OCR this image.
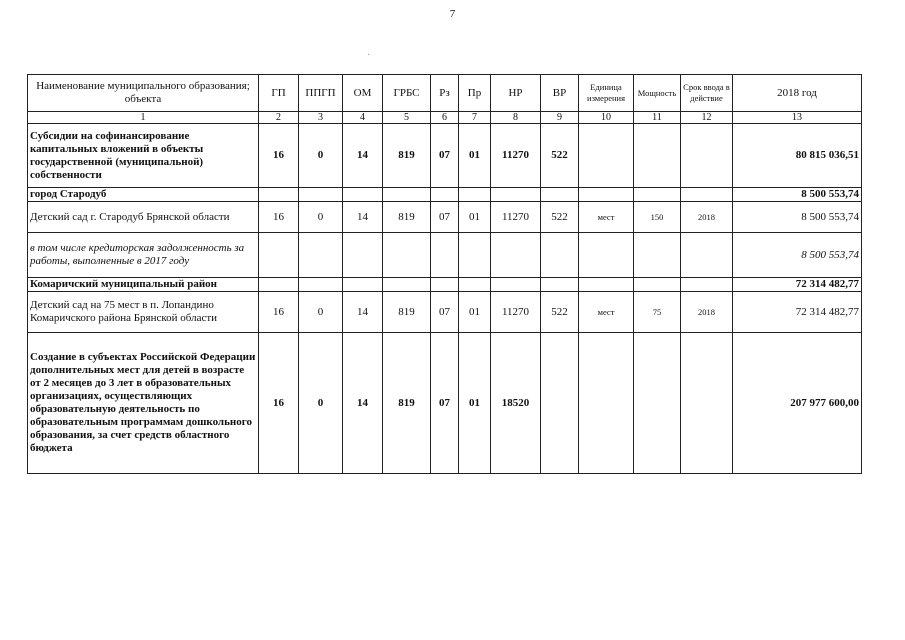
7
Наименование муниципального образования; объекта	ГП	ППГП	ОМ	ГРБС	Рз	Пр	НР	ВР	Единица измерения	Мощность	Срок ввода в действие	2018 год
1	2	3	4	5	6	7	8	9	10	11	12	13
Субсидии на софинансирование капитальных вложений в объекты государственной (муниципальной) собственности	16	0	14	819	07	01	11270	522				80 815 036,51
город Стародуб												8 500 553,74
Детский сад г. Стародуб Брянской области	16	0	14	819	07	01	11270	522	мест	150	2018	8 500 553,74
в том числе кредиторская задолженность за работы, выполненные в 2017 году												8 500 553,74
Комаричский муниципальный район												72 314 482,77
Детский сад на 75 мест в п. Лопандино Комаричского района Брянской области	16	0	14	819	07	01	11270	522	мест	75	2018	72 314 482,77
Создание в субъектах Российской Федерации дополнительных мест для детей в возрасте от 2 месяцев до 3 лет в образовательных организациях, осуществляющих образовательную деятельность по образовательным программам дошкольного образования, за счет средств областного бюджета	16	0	14	819	07	01	18520					207 977 600,00
